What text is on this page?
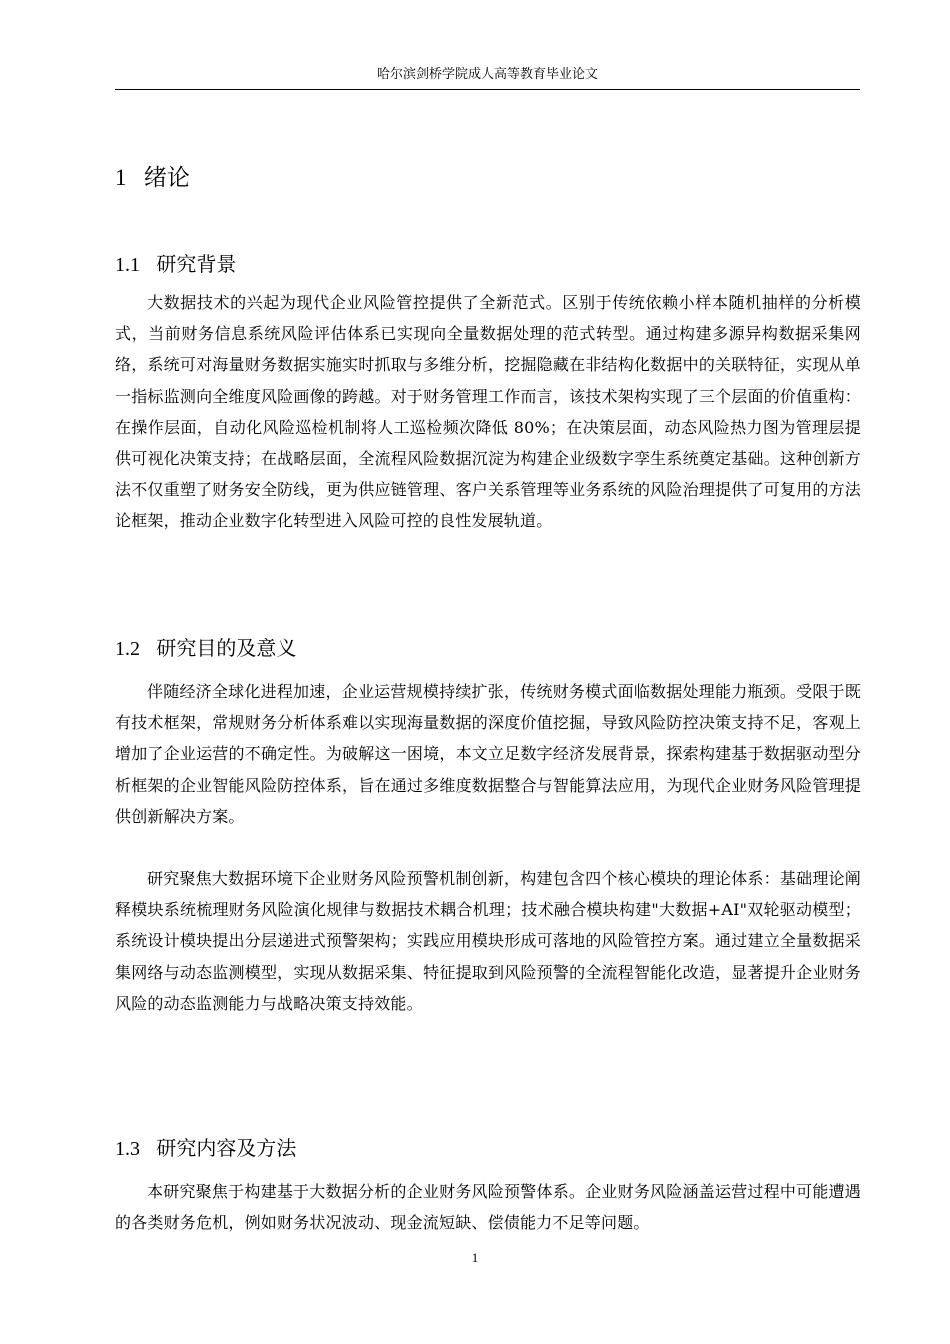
哈尔滨剑桥学院成人高等教育毕业论文
1 绪论
1.1 研究背景

大数据技术的兴起为现代企业风险管控提供了全新范式。区别于传统依赖小样本随机抽样的分析模式，当前财务信息系统风险评估体系已实现向全量数据处理的范式转型。通过构建多源异构数据采集网络，系统可对海量财务数据实施实时抓取与多维分析，挖掘隐藏在非结构化数据中的关联特征，实现从单一指标监测向全维度风险画像的跨越。对于财务管理工作而言，该技术架构实现了三个层面的价值重构：在操作层面，自动化风险巡检机制将人工巡检频次降低 80%；在决策层面，动态风险热力图为管理层提供可视化决策支持；在战略层面，全流程风险数据沉淀为构建企业级数字孪生系统奠定基础。这种创新方法不仅重塑了财务安全防线，更为供应链管理、客户关系管理等业务系统的风险治理提供了可复用的方法论框架，推动企业数字化转型进入风险可控的良性发展轨道。

1.2 研究目的及意义

伴随经济全球化进程加速，企业运营规模持续扩张，传统财务模式面临数据处理能力瓶颈。受限于既有技术框架，常规财务分析体系难以实现海量数据的深度价值挖掘，导致风险防控决策支持不足，客观上增加了企业运营的不确定性。为破解这一困境，本文立足数字经济发展背景，探索构建基于数据驱动型分析框架的企业智能风险防控体系，旨在通过多维度数据整合与智能算法应用，为现代企业财务风险管理提供创新解决方案。

研究聚焦大数据环境下企业财务风险预警机制创新，构建包含四个核心模块的理论体系：基础理论阐释模块系统梳理财务风险演化规律与数据技术耦合机理；技术融合模块构建"大数据+AI"双轮驱动模型；系统设计模块提出分层递进式预警架构；实践应用模块形成可落地的风险管控方案。通过建立全量数据采集网络与动态监测模型，实现从数据采集、特征提取到风险预警的全流程智能化改造，显著提升企业财务风险的动态监测能力与战略决策支持效能。

1.3 研究内容及方法

本研究聚焦于构建基于大数据分析的企业财务风险预警体系。企业财务风险涵盖运营过程中可能遭遇的各类财务危机，例如财务状况波动、现金流短缺、偿债能力不足等问题。

1
